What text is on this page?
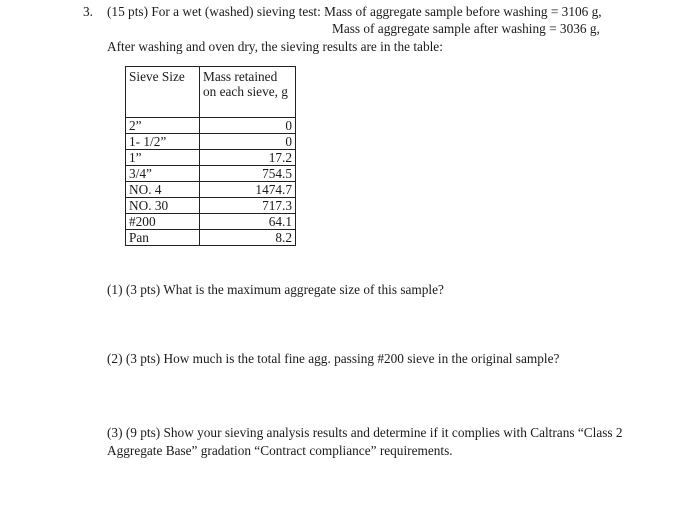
3. (15 pts) For a wet (washed) sieving test: Mass of aggregate sample before washing = 3106 g,
Mass of aggregate sample after washing = 3036 g,
After washing and oven dry, the sieving results are in the table:
Sieve Size	Mass retained on each sieve, g
2”	0
1- 1/2”	0
1”	17.2
3/4”	754.5
NO. 4	1474.7
NO. 30	717.3
#200	64.1
Pan	8.2
(1) (3 pts) What is the maximum aggregate size of this sample?
(2) (3 pts) How much is the total fine agg. passing #200 sieve in the original sample?
(3) (9 pts) Show your sieving analysis results and determine if it complies with Caltrans “Class 2
Aggregate Base” gradation “Contract compliance” requirements.
